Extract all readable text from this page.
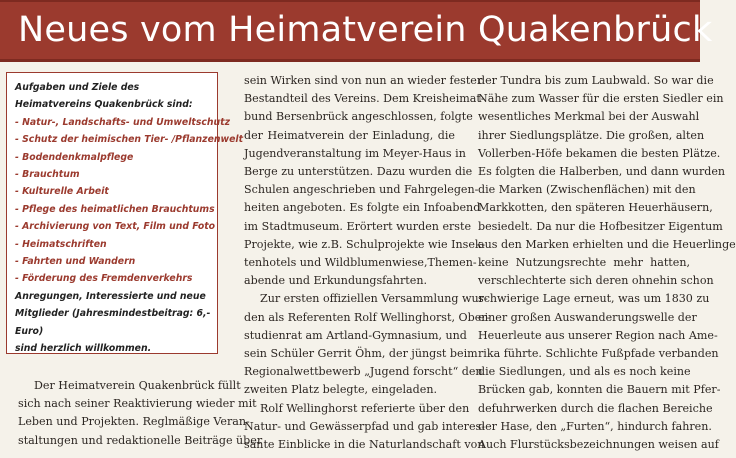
Neues vom Heimatverein Quakenbrück
Aufgaben und Ziele des
Heimatvereins Quakenbrück sind:
- Natur-, Landschafts- und Umweltschutz
- Schutz der heimischen Tier- /Pflanzenwelt
- Bodendenkmalpflege
- Brauchtum
- Kulturelle Arbeit
- Pflege des heimatlichen Brauchtums
- Archivierung von Text, Film und Foto
- Heimatschriften
- Fahrten und Wandern
- Förderung des Fremdenverkehrs
Anregungen, Interessierte und neue
Mitglieder (Jahresmindestbeitrag: 6,- Euro)
sind herzlich willkommen.
Der Heimatverein Quakenbrück füllt
sich nach seiner Reaktivierung wieder mit
Leben und Projekten. Reglmäßige Veran-
staltungen und redaktionelle Beiträge über
sein Wirken sind von nun an wieder fester
Bestandteil des Vereins. Dem Kreisheimat-
bund Bersenbrück angeschlossen, folgte
der Heimatverein der Einladung, die
Jugendveranstaltung im Meyer-Haus in
Berge zu unterstützen. Dazu wurden die
Schulen angeschrieben und Fahrgelegen-
heiten angeboten. Es folgte ein Infoabend
im Stadtmuseum. Erörtert wurden erste
Projekte, wie z.B. Schulprojekte wie Insek-
tenhotels und Wildblumenwiese,Themen-
abende und Erkundungsfahrten.
Zur ersten offiziellen Versammlung wur-
den als Referenten Rolf Wellinghorst, Ober-
studienrat am Artland-Gymnasium, und
sein Schüler Gerrit Öhm, der jüngst beim
Regionalwettbewerb „Jugend forscht“ den
zweiten Platz belegte, eingeladen.
Rolf Wellinghorst referierte über den
Natur- und Gewässerpfad und gab interes-
sante Einblicke in die Naturlandschaft von
der Tundra bis zum Laubwald. So war die
Nähe zum Wasser für die ersten Siedler ein
wesentliches Merkmal bei der Auswahl
ihrer Siedlungsplätze. Die großen, alten
Vollerben-Höfe bekamen die besten Plätze.
Es folgten die Halberben, und dann wurden
die Marken (Zwischenflächen) mit den
Markkotten, den späteren Heuerhäusern,
besiedelt. Da nur die Hofbesitzer Eigentum
aus den Marken erhielten und die Heuerlinge
keine Nutzungsrechte mehr hatten,
verschlechterte sich deren ohnehin schon
schwierige Lage erneut, was um 1830 zu
einer großen Auswanderungswelle der
Heuerleute aus unserer Region nach Ame-
rika führte. Schlichte Fußpfade verbanden
die Siedlungen, und als es noch keine
Brücken gab, konnten die Bauern mit Pfer-
defuhrwerken durch die flachen Bereiche
der Hase, den „Furten“, hindurch fahren.
Auch Flurstücksbezeichnungen weisen auf
